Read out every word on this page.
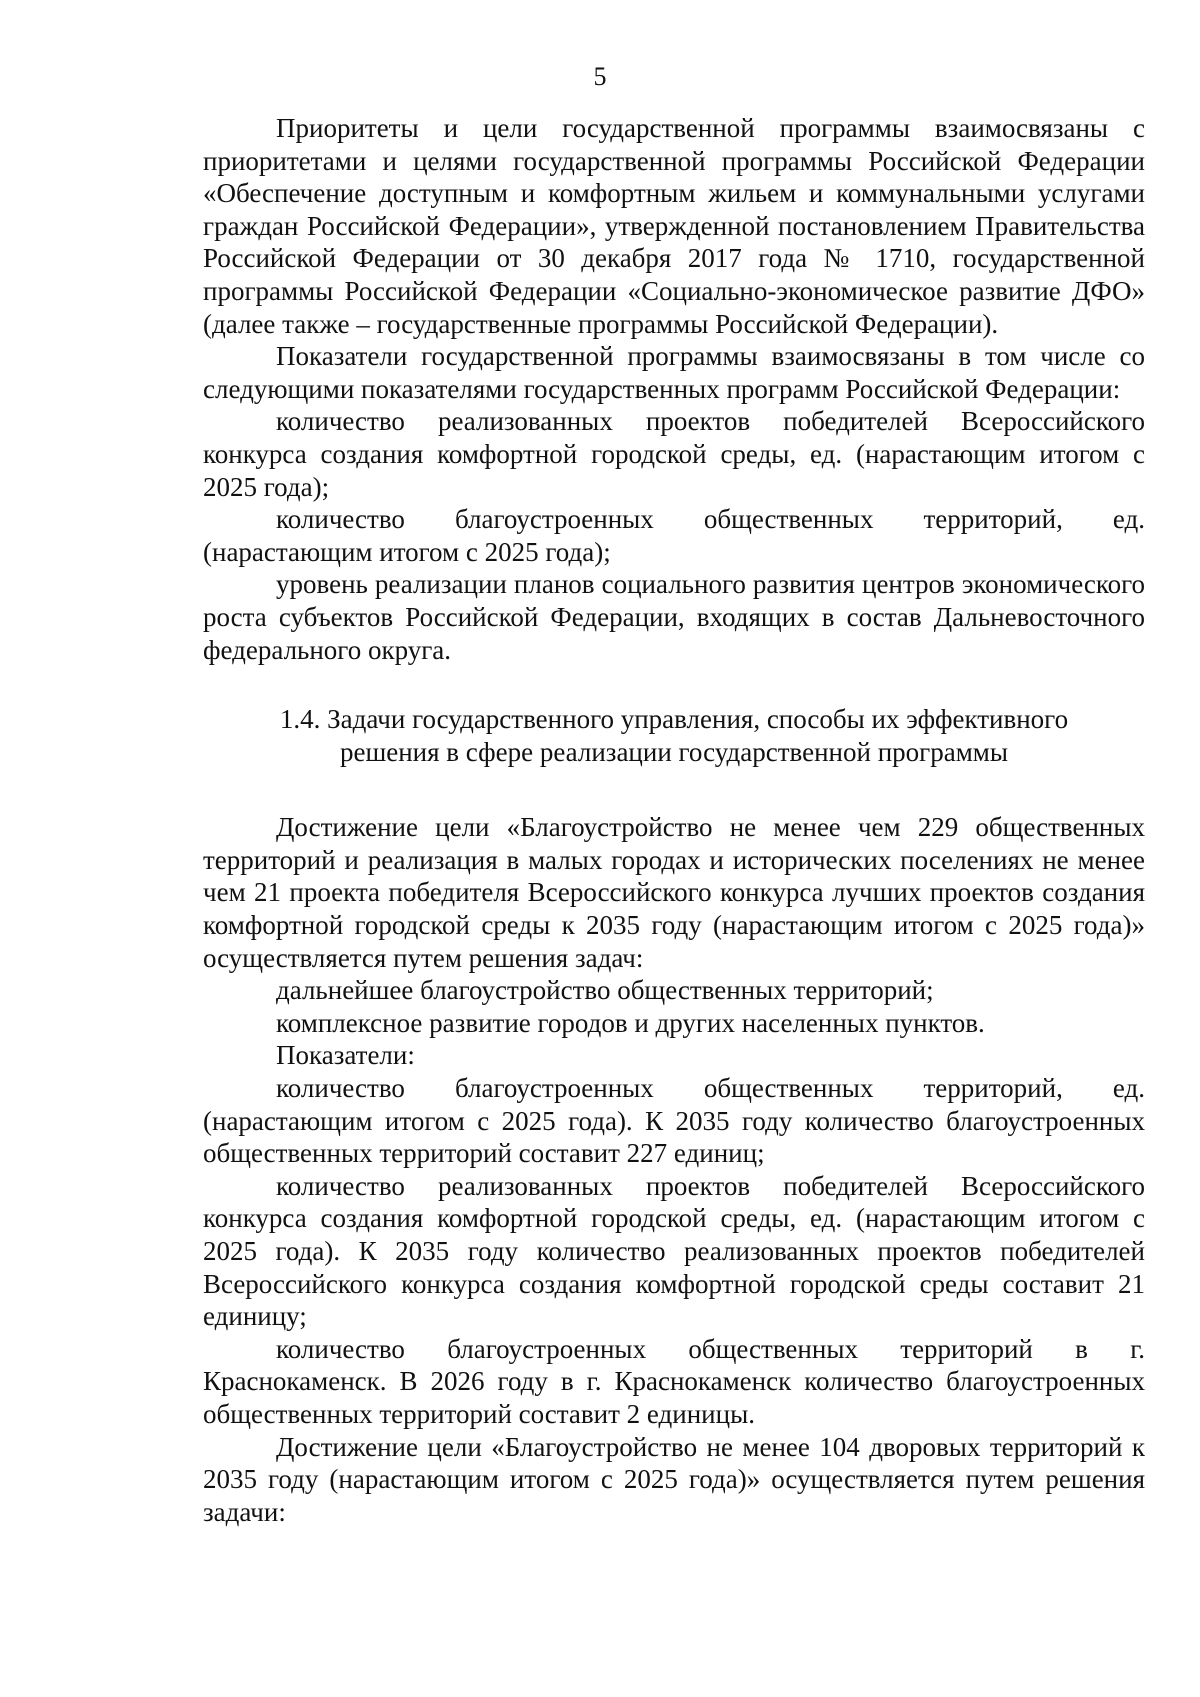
5

Приоритеты и цели государственной программы взаимосвязаны с приоритетами и целями государственной программы Российской Федерации «Обеспечение доступным и комфортным жильем и коммунальными услугами граждан Российской Федерации», утвержденной постановлением Правительства Российской Федерации от 30 декабря 2017 года № 1710, государственной программы Российской Федерации «Социально-экономическое развитие ДФО» (далее также – государственные программы Российской Федерации).

Показатели государственной программы взаимосвязаны в том числе со следующими показателями государственных программ Российской Федерации:

количество реализованных проектов победителей Всероссийского конкурса создания комфортной городской среды, ед. (нарастающим итогом с 2025 года);

количество благоустроенных общественных территорий, ед. (нарастающим итогом с 2025 года);

уровень реализации планов социального развития центров экономического роста субъектов Российской Федерации, входящих в состав Дальневосточного федерального округа.

1.4. Задачи государственного управления, способы их эффективного
решения в сфере реализации государственной программы

Достижение цели «Благоустройство не менее чем 229 общественных территорий и реализация в малых городах и исторических поселениях не менее чем 21 проекта победителя Всероссийского конкурса лучших проектов создания комфортной городской среды к 2035 году (нарастающим итогом с 2025 года)» осуществляется путем решения задач:

дальнейшее благоустройство общественных территорий;

комплексное развитие городов и других населенных пунктов.

Показатели:

количество благоустроенных общественных территорий, ед. (нарастающим итогом с 2025 года). К 2035 году количество благоустроенных общественных территорий составит 227 единиц;

количество реализованных проектов победителей Всероссийского конкурса создания комфортной городской среды, ед. (нарастающим итогом с 2025 года). К 2035 году количество реализованных проектов победителей Всероссийского конкурса создания комфортной городской среды составит 21 единицу;

количество благоустроенных общественных территорий в г. Краснокаменск. В 2026 году в г. Краснокаменск количество благоустроенных общественных территорий составит 2 единицы.

Достижение цели «Благоустройство не менее 104 дворовых территорий к 2035 году (нарастающим итогом с 2025 года)» осуществляется путем решения задачи:
